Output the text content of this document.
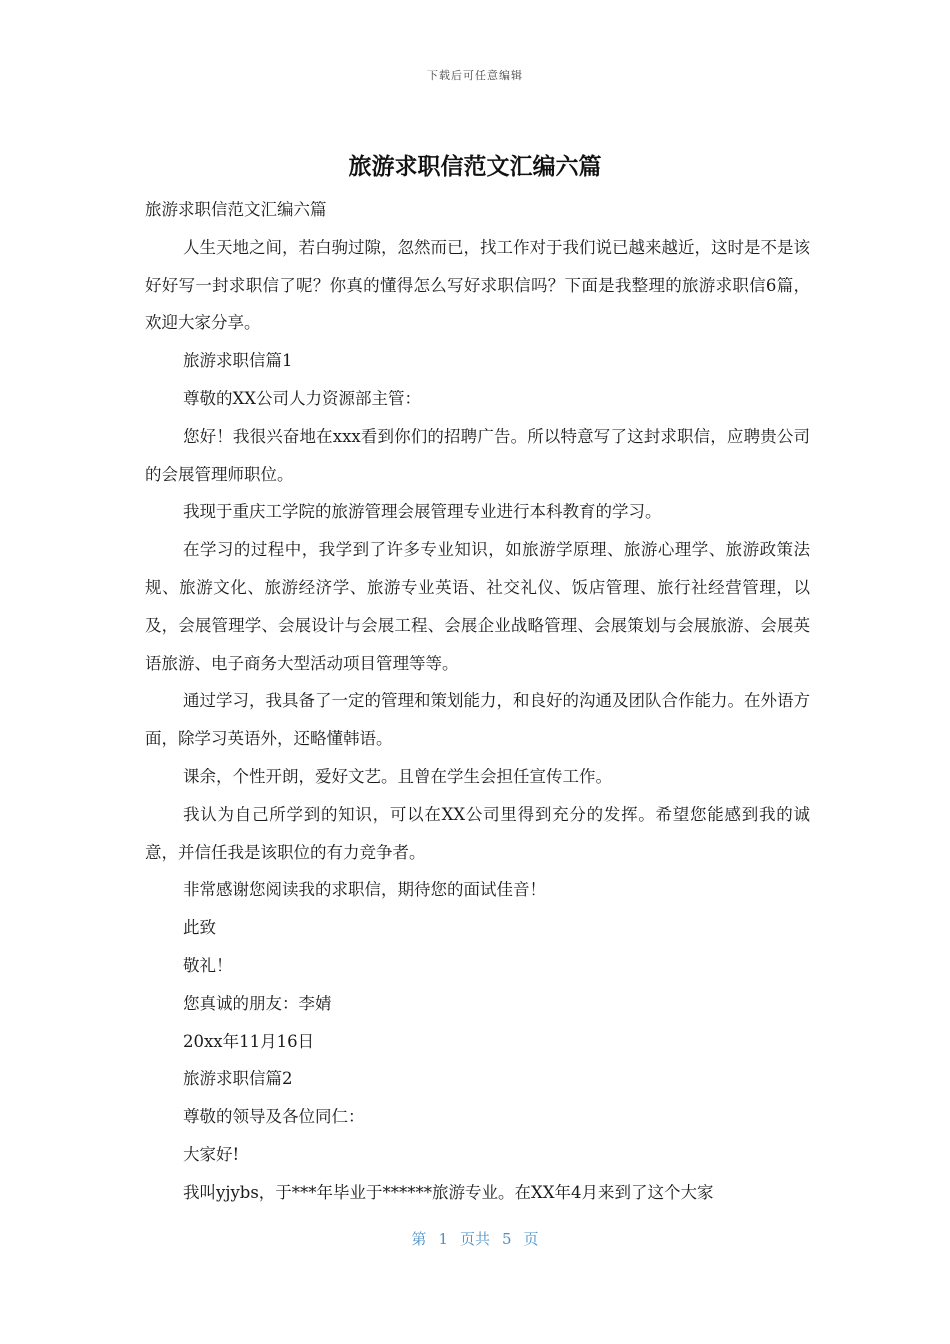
下载后可任意编辑
旅游求职信范文汇编六篇

旅游求职信范文汇编六篇

人生天地之间，若白驹过隙，忽然而已，找工作对于我们说已越来越近，这时是不是该好好写一封求职信了呢？你真的懂得怎么写好求职信吗？下面是我整理的旅游求职信6篇，欢迎大家分享。

旅游求职信篇1

尊敬的XX公司人力资源部主管：

您好！我很兴奋地在xxx看到你们的招聘广告。所以特意写了这封求职信，应聘贵公司的会展管理师职位。

我现于重庆工学院的旅游管理会展管理专业进行本科教育的学习。

在学习的过程中，我学到了许多专业知识，如旅游学原理、旅游心理学、旅游政策法规、旅游文化、旅游经济学、旅游专业英语、社交礼仪、饭店管理、旅行社经营管理，以及，会展管理学、会展设计与会展工程、会展企业战略管理、会展策划与会展旅游、会展英语旅游、电子商务大型活动项目管理等等。

通过学习，我具备了一定的管理和策划能力，和良好的沟通及团队合作能力。在外语方面，除学习英语外，还略懂韩语。

课余，个性开朗，爱好文艺。且曾在学生会担任宣传工作。

我认为自己所学到的知识，可以在XX公司里得到充分的发挥。希望您能感到我的诚意，并信任我是该职位的有力竞争者。

非常感谢您阅读我的求职信，期待您的面试佳音！

此致

敬礼！

您真诚的朋友：李婧

20xx年11月16日

旅游求职信篇2

尊敬的领导及各位同仁：

大家好!

我叫yjybs，于***年毕业于******旅游专业。在XX年4月来到了这个大家

第 1 页共 5 页
